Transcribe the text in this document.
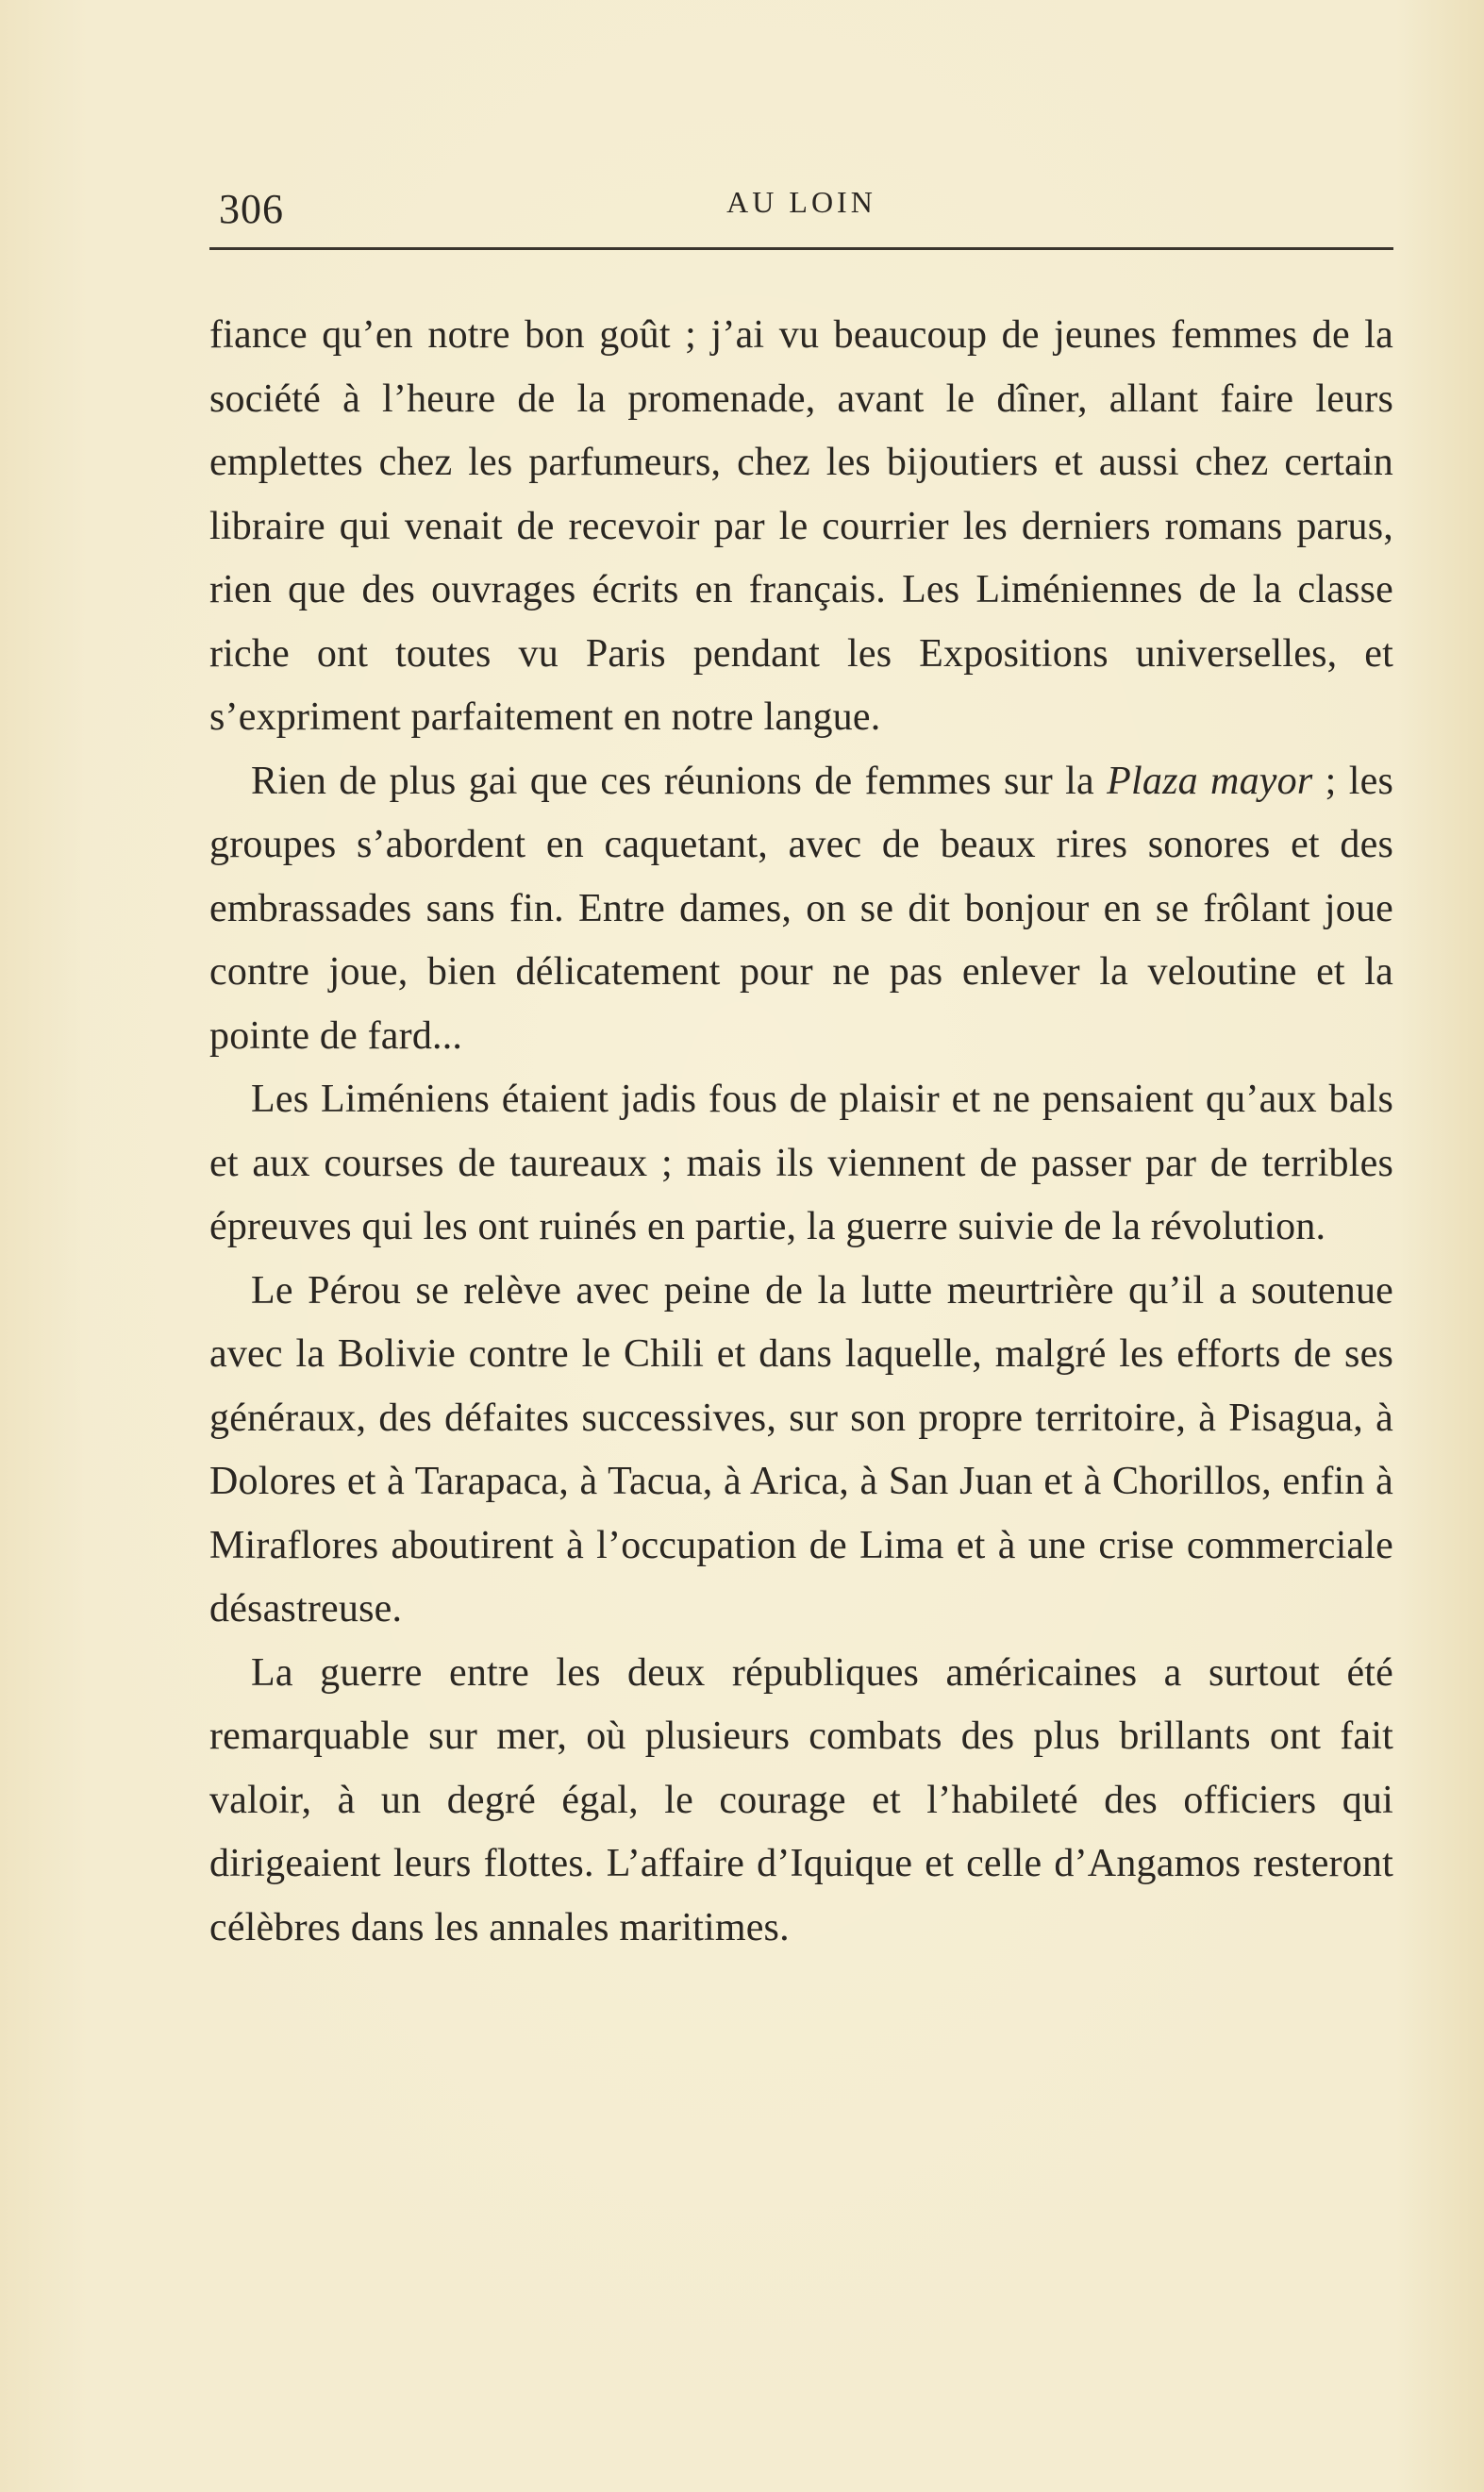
306	AU LOIN

fiance qu’en notre bon goût ; j’ai vu beaucoup de jeunes femmes de la société à l’heure de la promenade, avant le dîner, allant faire leurs emplettes chez les parfumeurs, chez les bijoutiers et aussi chez certain libraire qui venait de recevoir par le courrier les derniers romans parus, rien que des ouvrages écrits en français. Les Liméniennes de la classe riche ont toutes vu Paris pendant les Expositions universelles, et s’expriment parfaitement en notre langue.

Rien de plus gai que ces réunions de femmes sur la Plaza mayor ; les groupes s’abordent en caquetant, avec de beaux rires sonores et des embrassades sans fin. Entre dames, on se dit bonjour en se frôlant joue contre joue, bien délicatement pour ne pas enlever la veloutine et la pointe de fard...

Les Liméniens étaient jadis fous de plaisir et ne pensaient qu’aux bals et aux courses de taureaux ; mais ils viennent de passer par de terribles épreuves qui les ont ruinés en partie, la guerre suivie de la révolution.

Le Pérou se relève avec peine de la lutte meurtrière qu’il a soutenue avec la Bolivie contre le Chili et dans laquelle, malgré les efforts de ses généraux, des défaites successives, sur son propre territoire, à Pisagua, à Dolores et à Tarapaca, à Tacua, à Arica, à San Juan et à Chorillos, enfin à Miraflores aboutirent à l’occupation de Lima et à une crise commerciale désastreuse.

La guerre entre les deux républiques américaines a surtout été remarquable sur mer, où plusieurs combats des plus brillants ont fait valoir, à un degré égal, le courage et l’habileté des officiers qui dirigeaient leurs flottes. L’affaire d’Iquique et celle d’Angamos resteront célèbres dans les annales maritimes.
